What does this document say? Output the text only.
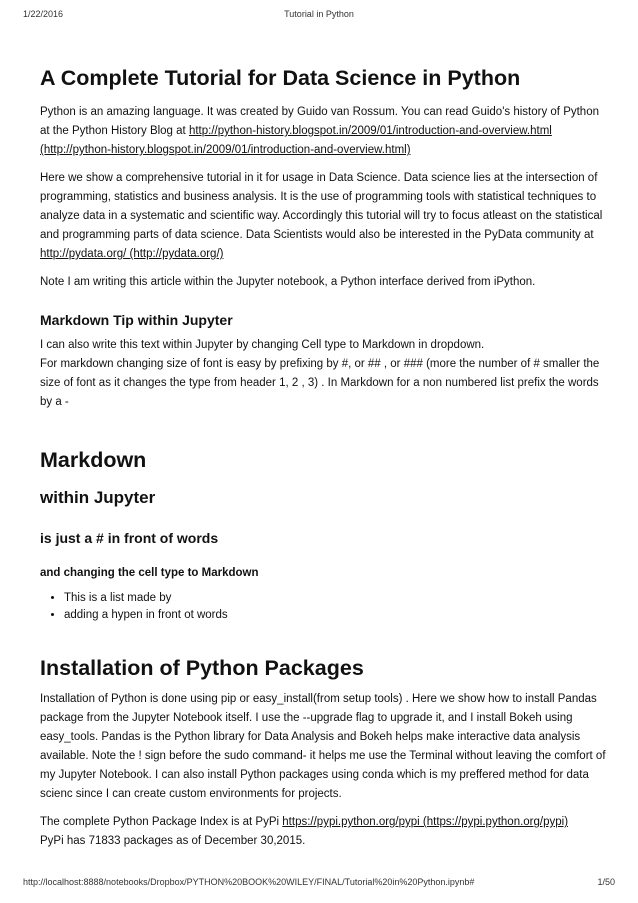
1/22/2016	Tutorial in Python
A Complete Tutorial for Data Science in Python

Python is an amazing language. It was created by Guido van Rossum. You can read Guido's history of Python at the Python History Blog at http://python-history.blogspot.in/2009/01/introduction-and-overview.html (http://python-history.blogspot.in/2009/01/introduction-and-overview.html)

Here we show a comprehensive tutorial in it for usage in Data Science. Data science lies at the intersection of programming, statistics and business analysis. It is the use of programming tools with statistical techniques to analyze data in a systematic and scientific way. Accordingly this tutorial will try to focus atleast on the statistical and programming parts of data science. Data Scientists would also be interested in the PyData community at http://pydata.org/ (http://pydata.org/)

Note I am writing this article within the Jupyter notebook, a Python interface derived from iPython.

Markdown Tip within Jupyter

I can also write this text within Jupyter by changing Cell type to Markdown in dropdown.
For markdown changing size of font is easy by prefixing by #, or ## , or ### (more the number of # smaller the size of font as it changes the type from header 1, 2 , 3) . In Markdown for a non numbered list prefix the words by a -

Markdown
within Jupyter
is just a # in front of words
and changing the cell type to Markdown
• This is a list made by
• adding a hypen in front ot words
Installation of Python Packages

Installation of Python is done using pip or easy_install(from setup tools) . Here we show how to install Pandas package from the Jupyter Notebook itself. I use the --upgrade flag to upgrade it, and I install Bokeh using easy_tools. Pandas is the Python library for Data Analysis and Bokeh helps make interactive data analysis available. Note the ! sign before the sudo command- it helps me use the Terminal without leaving the comfort of my Jupyter Notebook. I can also install Python packages using conda which is my preffered method for data scienc since I can create custom environments for projects.

The complete Python Package Index is at PyPi https://pypi.python.org/pypi (https://pypi.python.org/pypi)
PyPi has 71833 packages as of December 30,2015.

http://localhost:8888/notebooks/Dropbox/PYTHON%20BOOK%20WILEY/FINAL/Tutorial%20in%20Python.ipynb#	1/50
